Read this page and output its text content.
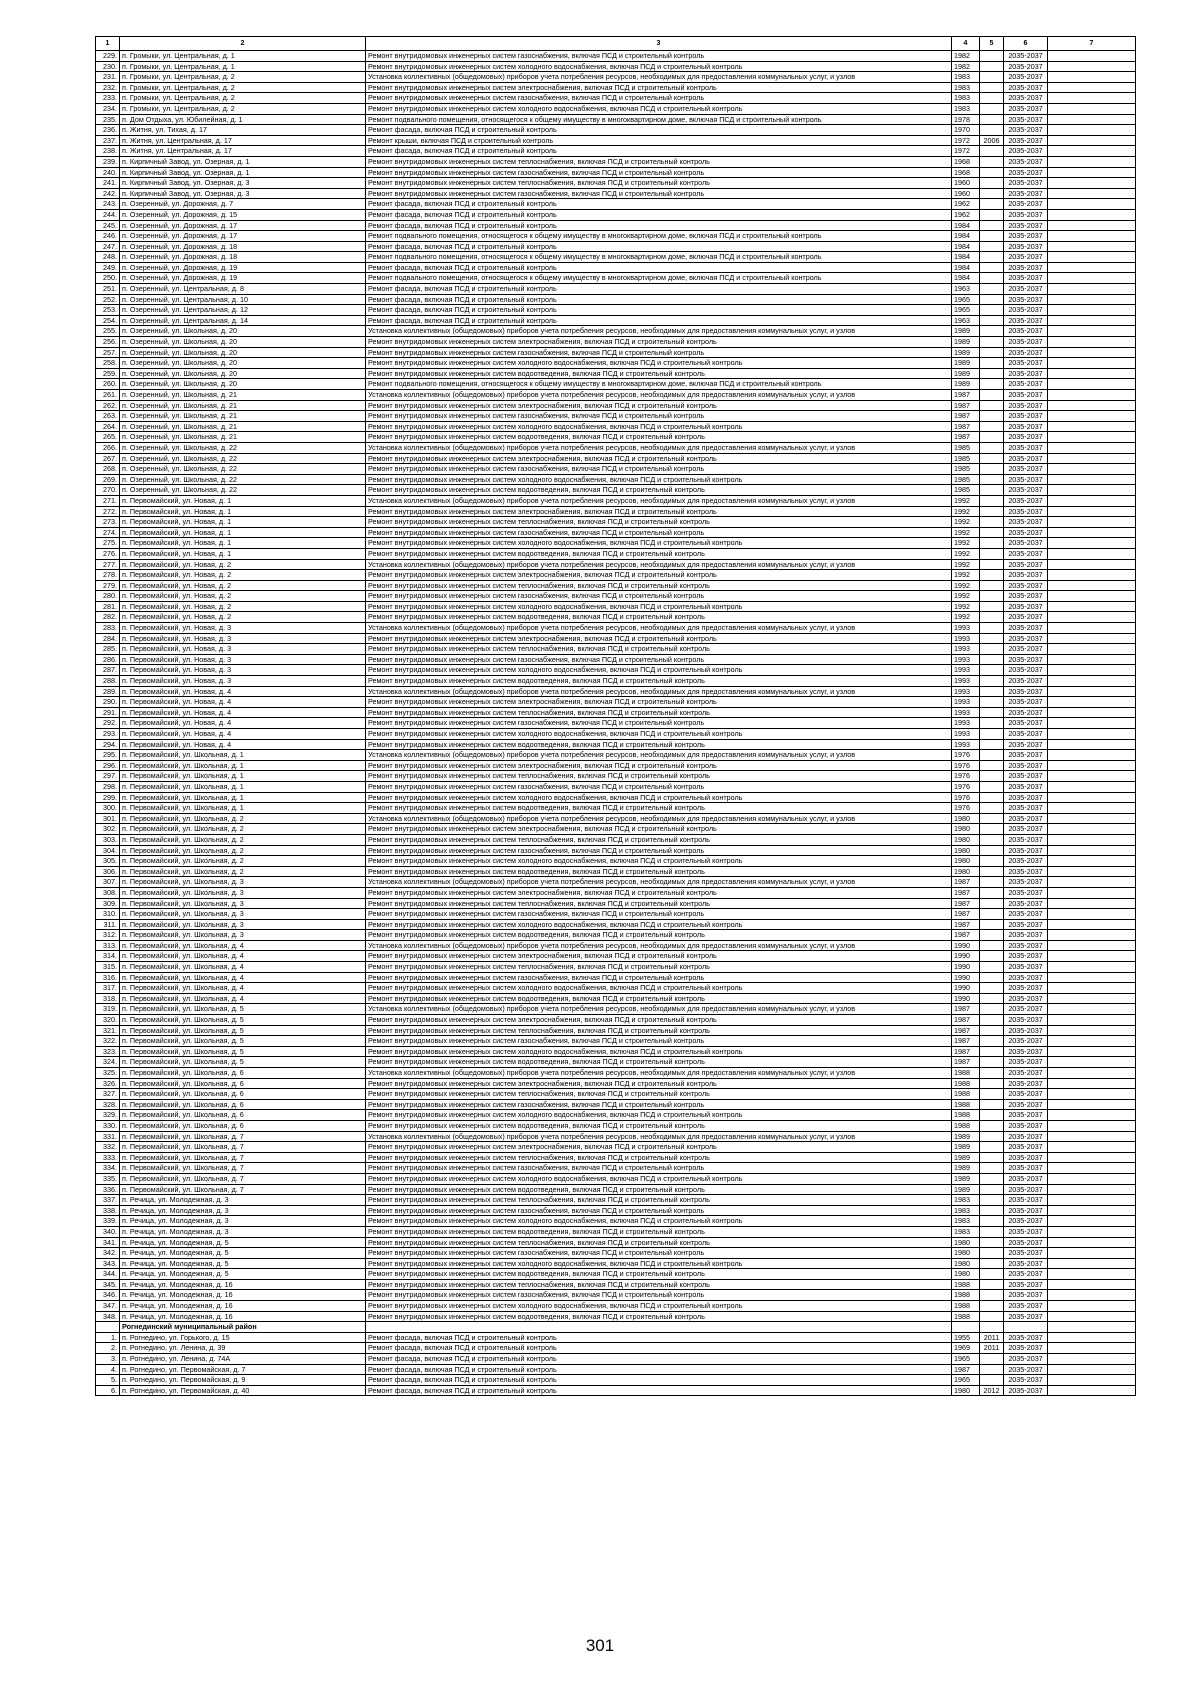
1	2	3	4	5	6	7
229.	п. Громыки, ул. Центральная, д. 1	Ремонт внутридомовых инженерных систем газоснабжения, включая ПСД и строительный контроль	1982		2035-2037	
230.	п. Громыки, ул. Центральная, д. 1	Ремонт внутридомовых инженерных систем холодного водоснабжения, включая ПСД и строительный контроль	1982		2035-2037	
231.	п. Громыки, ул. Центральная, д. 2	Установка коллективных (общедомовых) приборов учета потребления ресурсов, необходимых для предоставления коммунальных услуг, и узлов	1983		2035-2037	
232.	п. Громыки, ул. Центральная, д. 2	Ремонт внутридомовых инженерных систем электроснабжения, включая ПСД и строительный контроль	1983		2035-2037	
233.	п. Громыки, ул. Центральная, д. 2	Ремонт внутридомовых инженерных систем газоснабжения, включая ПСД и строительный контроль	1983		2035-2037	
234.	п. Громыки, ул. Центральная, д. 2	Ремонт внутридомовых инженерных систем холодного водоснабжения, включая ПСД и строительный контроль	1983		2035-2037	
235.	п. Дом Отдыха, ул. Юбилейная, д. 1	Ремонт подвального помещения, относящегося к общему имуществу в многоквартирном доме, включая ПСД и строительный контроль	1978		2035-2037	
236.	п. Житня, ул. Тихая, д. 17	Ремонт фасада, включая ПСД и строительный контроль	1970		2035-2037	
237.	п. Житня, ул. Центральная, д. 17	Ремонт крыши, включая ПСД и строительный контроль	1972	2006	2035-2037	
238.	п. Житня, ул. Центральная, д. 17	Ремонт фасада, включая ПСД и строительный контроль	1972		2035-2037	
239.	п. Кирпичный Завод, ул. Озерная, д. 1	Ремонт внутридомовых инженерных систем теплоснабжения, включая ПСД и строительный контроль	1968		2035-2037	
240.	п. Кирпичный Завод, ул. Озерная, д. 1	Ремонт внутридомовых инженерных систем газоснабжения, включая ПСД и строительный контроль	1968		2035-2037	
241.	п. Кирпичный Завод, ул. Озерная, д. 3	Ремонт внутридомовых инженерных систем теплоснабжения, включая ПСД и строительный контроль	1960		2035-2037	
242.	п. Кирпичный Завод, ул. Озерная, д. 3	Ремонт внутридомовых инженерных систем газоснабжения, включая ПСД и строительный контроль	1960		2035-2037	
243.	п. Озеренный, ул. Дорожная, д. 7	Ремонт фасада, включая ПСД и строительный контроль	1962		2035-2037	
244.	п. Озеренный, ул. Дорожная, д. 15	Ремонт фасада, включая ПСД и строительный контроль	1962		2035-2037	
245.	п. Озеренный, ул. Дорожная, д. 17	Ремонт фасада, включая ПСД и строительный контроль	1984		2035-2037	
246.	п. Озеренный, ул. Дорожная, д. 17	Ремонт подвального помещения, относящегося к общему имуществу в многоквартирном доме, включая ПСД и строительный контроль	1984		2035-2037	
247.	п. Озеренный, ул. Дорожная, д. 18	Ремонт фасада, включая ПСД и строительный контроль	1984		2035-2037	
248.	п. Озеренный, ул. Дорожная, д. 18	Ремонт подвального помещения, относящегося к общему имуществу в многоквартирном доме, включая ПСД и строительный контроль	1984		2035-2037	
249.	п. Озеренный, ул. Дорожная, д. 19	Ремонт фасада, включая ПСД и строительный контроль	1984		2035-2037	
250.	п. Озеренный, ул. Дорожная, д. 19	Ремонт подвального помещения, относящегося к общему имуществу в многоквартирном доме, включая ПСД и строительный контроль	1984		2035-2037	
251.	п. Озеренный, ул. Центральная, д. 8	Ремонт фасада, включая ПСД и строительный контроль	1963		2035-2037	
252.	п. Озеренный, ул. Центральная, д. 10	Ремонт фасада, включая ПСД и строительный контроль	1965		2035-2037	
253.	п. Озеренный, ул. Центральная, д. 12	Ремонт фасада, включая ПСД и строительный контроль	1965		2035-2037	
254.	п. Озеренный, ул. Центральная, д. 14	Ремонт фасада, включая ПСД и строительный контроль	1963		2035-2037	
255.	п. Озеренный, ул. Школьная, д. 20	Установка коллективных (общедомовых) приборов учета потребления ресурсов, необходимых для предоставления коммунальных услуг, и узлов	1989		2035-2037	
256.	п. Озеренный, ул. Школьная, д. 20	Ремонт внутридомовых инженерных систем электроснабжения, включая ПСД и строительный контроль	1989		2035-2037	
257.	п. Озеренный, ул. Школьная, д. 20	Ремонт внутридомовых инженерных систем газоснабжения, включая ПСД и строительный контроль	1989		2035-2037	
258.	п. Озеренный, ул. Школьная, д. 20	Ремонт внутридомовых инженерных систем холодного водоснабжения, включая ПСД и строительный контроль	1989		2035-2037	
259.	п. Озеренный, ул. Школьная, д. 20	Ремонт внутридомовых инженерных систем водоотведения, включая ПСД и строительный контроль	1989		2035-2037	
260.	п. Озеренный, ул. Школьная, д. 20	Ремонт подвального помещения, относящегося к общему имуществу в многоквартирном доме, включая ПСД и строительный контроль	1989		2035-2037	
261.	п. Озеренный, ул. Школьная, д. 21	Установка коллективных (общедомовых) приборов учета потребления ресурсов, необходимых для предоставления коммунальных услуг, и узлов	1987		2035-2037	
262.	п. Озеренный, ул. Школьная, д. 21	Ремонт внутридомовых инженерных систем электроснабжения, включая ПСД и строительный контроль	1987		2035-2037	
263.	п. Озеренный, ул. Школьная, д. 21	Ремонт внутридомовых инженерных систем газоснабжения, включая ПСД и строительный контроль	1987		2035-2037	
264.	п. Озеренный, ул. Школьная, д. 21	Ремонт внутридомовых инженерных систем холодного водоснабжения, включая ПСД и строительный контроль	1987		2035-2037	
265.	п. Озеренный, ул. Школьная, д. 21	Ремонт внутридомовых инженерных систем водоотведения, включая ПСД и строительный контроль	1987		2035-2037	
266.	п. Озеренный, ул. Школьная, д. 22	Установка коллективных (общедомовых) приборов учета потребления ресурсов, необходимых для предоставления коммунальных услуг, и узлов	1985		2035-2037	
267.	п. Озеренный, ул. Школьная, д. 22	Ремонт внутридомовых инженерных систем электроснабжения, включая ПСД и строительный контроль	1985		2035-2037	
268.	п. Озеренный, ул. Школьная, д. 22	Ремонт внутридомовых инженерных систем газоснабжения, включая ПСД и строительный контроль	1985		2035-2037	
269.	п. Озеренный, ул. Школьная, д. 22	Ремонт внутридомовых инженерных систем холодного водоснабжения, включая ПСД и строительный контроль	1985		2035-2037	
270.	п. Озеренный, ул. Школьная, д. 22	Ремонт внутридомовых инженерных систем водоотведения, включая ПСД и строительный контроль	1985		2035-2037	
271.	п. Первомайский, ул. Новая, д. 1	Установка коллективных (общедомовых) приборов учета потребления ресурсов, необходимых для предоставления коммунальных услуг, и узлов	1992		2035-2037	
272.	п. Первомайский, ул. Новая, д. 1	Ремонт внутридомовых инженерных систем электроснабжения, включая ПСД и строительный контроль	1992		2035-2037	
273.	п. Первомайский, ул. Новая, д. 1	Ремонт внутридомовых инженерных систем теплоснабжения, включая ПСД и строительный контроль	1992		2035-2037	
274.	п. Первомайский, ул. Новая, д. 1	Ремонт внутридомовых инженерных систем газоснабжения, включая ПСД и строительный контроль	1992		2035-2037	
275.	п. Первомайский, ул. Новая, д. 1	Ремонт внутридомовых инженерных систем холодного водоснабжения, включая ПСД и строительный контроль	1992		2035-2037	
276.	п. Первомайский, ул. Новая, д. 1	Ремонт внутридомовых инженерных систем водоотведения, включая ПСД и строительный контроль	1992		2035-2037	
277.	п. Первомайский, ул. Новая, д. 2	Установка коллективных (общедомовых) приборов учета потребления ресурсов, необходимых для предоставления коммунальных услуг, и узлов	1992		2035-2037	
278.	п. Первомайский, ул. Новая, д. 2	Ремонт внутридомовых инженерных систем электроснабжения, включая ПСД и строительный контроль	1992		2035-2037	
279.	п. Первомайский, ул. Новая, д. 2	Ремонт внутридомовых инженерных систем теплоснабжения, включая ПСД и строительный контроль	1992		2035-2037	
280.	п. Первомайский, ул. Новая, д. 2	Ремонт внутридомовых инженерных систем газоснабжения, включая ПСД и строительный контроль	1992		2035-2037	
281.	п. Первомайский, ул. Новая, д. 2	Ремонт внутридомовых инженерных систем холодного водоснабжения, включая ПСД и строительный контроль	1992		2035-2037	
282.	п. Первомайский, ул. Новая, д. 2	Ремонт внутридомовых инженерных систем водоотведения, включая ПСД и строительный контроль	1992		2035-2037	
283.	п. Первомайский, ул. Новая, д. 3	Установка коллективных (общедомовых) приборов учета потребления ресурсов, необходимых для предоставления коммунальных услуг, и узлов	1993		2035-2037	
284.	п. Первомайский, ул. Новая, д. 3	Ремонт внутридомовых инженерных систем электроснабжения, включая ПСД и строительный контроль	1993		2035-2037	
285.	п. Первомайский, ул. Новая, д. 3	Ремонт внутридомовых инженерных систем теплоснабжения, включая ПСД и строительный контроль	1993		2035-2037	
286.	п. Первомайский, ул. Новая, д. 3	Ремонт внутридомовых инженерных систем газоснабжения, включая ПСД и строительный контроль	1993		2035-2037	
287.	п. Первомайский, ул. Новая, д. 3	Ремонт внутридомовых инженерных систем холодного водоснабжения, включая ПСД и строительный контроль	1993		2035-2037	
288.	п. Первомайский, ул. Новая, д. 3	Ремонт внутридомовых инженерных систем водоотведения, включая ПСД и строительный контроль	1993		2035-2037	
289.	п. Первомайский, ул. Новая, д. 4	Установка коллективных (общедомовых) приборов учета потребления ресурсов, необходимых для предоставления коммунальных услуг, и узлов	1993		2035-2037	
290.	п. Первомайский, ул. Новая, д. 4	Ремонт внутридомовых инженерных систем электроснабжения, включая ПСД и строительный контроль	1993		2035-2037	
291.	п. Первомайский, ул. Новая, д. 4	Ремонт внутридомовых инженерных систем теплоснабжения, включая ПСД и строительный контроль	1993		2035-2037	
292.	п. Первомайский, ул. Новая, д. 4	Ремонт внутридомовых инженерных систем газоснабжения, включая ПСД и строительный контроль	1993		2035-2037	
293.	п. Первомайский, ул. Новая, д. 4	Ремонт внутридомовых инженерных систем холодного водоснабжения, включая ПСД и строительный контроль	1993		2035-2037	
294.	п. Первомайский, ул. Новая, д. 4	Ремонт внутридомовых инженерных систем водоотведения, включая ПСД и строительный контроль	1993		2035-2037	
295.	п. Первомайский, ул. Школьная, д. 1	Установка коллективных (общедомовых) приборов учета потребления ресурсов, необходимых для предоставления коммунальных услуг, и узлов	1976		2035-2037	
296.	п. Первомайский, ул. Школьная, д. 1	Ремонт внутридомовых инженерных систем электроснабжения, включая ПСД и строительный контроль	1976		2035-2037	
297.	п. Первомайский, ул. Школьная, д. 1	Ремонт внутридомовых инженерных систем теплоснабжения, включая ПСД и строительный контроль	1976		2035-2037	
298.	п. Первомайский, ул. Школьная, д. 1	Ремонт внутридомовых инженерных систем газоснабжения, включая ПСД и строительный контроль	1976		2035-2037	
299.	п. Первомайский, ул. Школьная, д. 1	Ремонт внутридомовых инженерных систем холодного водоснабжения, включая ПСД и строительный контроль	1976		2035-2037	
300.	п. Первомайский, ул. Школьная, д. 1	Ремонт внутридомовых инженерных систем водоотведения, включая ПСД и строительный контроль	1976		2035-2037	
301.	п. Первомайский, ул. Школьная, д. 2	Установка коллективных (общедомовых) приборов учета потребления ресурсов, необходимых для предоставления коммунальных услуг, и узлов	1980		2035-2037	
302.	п. Первомайский, ул. Школьная, д. 2	Ремонт внутридомовых инженерных систем электроснабжения, включая ПСД и строительный контроль	1980		2035-2037	
303.	п. Первомайский, ул. Школьная, д. 2	Ремонт внутридомовых инженерных систем теплоснабжения, включая ПСД и строительный контроль	1980		2035-2037	
304.	п. Первомайский, ул. Школьная, д. 2	Ремонт внутридомовых инженерных систем газоснабжения, включая ПСД и строительный контроль	1980		2035-2037	
305.	п. Первомайский, ул. Школьная, д. 2	Ремонт внутридомовых инженерных систем холодного водоснабжения, включая ПСД и строительный контроль	1980		2035-2037	
306.	п. Первомайский, ул. Школьная, д. 2	Ремонт внутридомовых инженерных систем водоотведения, включая ПСД и строительный контроль	1980		2035-2037	
307.	п. Первомайский, ул. Школьная, д. 3	Установка коллективных (общедомовых) приборов учета потребления ресурсов, необходимых для предоставления коммунальных услуг, и узлов	1987		2035-2037	
308.	п. Первомайский, ул. Школьная, д. 3	Ремонт внутридомовых инженерных систем электроснабжения, включая ПСД и строительный контроль	1987		2035-2037	
309.	п. Первомайский, ул. Школьная, д. 3	Ремонт внутридомовых инженерных систем теплоснабжения, включая ПСД и строительный контроль	1987		2035-2037	
310.	п. Первомайский, ул. Школьная, д. 3	Ремонт внутридомовых инженерных систем газоснабжения, включая ПСД и строительный контроль	1987		2035-2037	
311.	п. Первомайский, ул. Школьная, д. 3	Ремонт внутридомовых инженерных систем холодного водоснабжения, включая ПСД и строительный контроль	1987		2035-2037	
312.	п. Первомайский, ул. Школьная, д. 3	Ремонт внутридомовых инженерных систем водоотведения, включая ПСД и строительный контроль	1987		2035-2037	
313.	п. Первомайский, ул. Школьная, д. 4	Установка коллективных (общедомовых) приборов учета потребления ресурсов, необходимых для предоставления коммунальных услуг, и узлов	1990		2035-2037	
314.	п. Первомайский, ул. Школьная, д. 4	Ремонт внутридомовых инженерных систем электроснабжения, включая ПСД и строительный контроль	1990		2035-2037	
315.	п. Первомайский, ул. Школьная, д. 4	Ремонт внутридомовых инженерных систем теплоснабжения, включая ПСД и строительный контроль	1990		2035-2037	
316.	п. Первомайский, ул. Школьная, д. 4	Ремонт внутридомовых инженерных систем газоснабжения, включая ПСД и строительный контроль	1990		2035-2037	
317.	п. Первомайский, ул. Школьная, д. 4	Ремонт внутридомовых инженерных систем холодного водоснабжения, включая ПСД и строительный контроль	1990		2035-2037	
318.	п. Первомайский, ул. Школьная, д. 4	Ремонт внутридомовых инженерных систем водоотведения, включая ПСД и строительный контроль	1990		2035-2037	
319.	п. Первомайский, ул. Школьная, д. 5	Установка коллективных (общедомовых) приборов учета потребления ресурсов, необходимых для предоставления коммунальных услуг, и узлов	1987		2035-2037	
320.	п. Первомайский, ул. Школьная, д. 5	Ремонт внутридомовых инженерных систем электроснабжения, включая ПСД и строительный контроль	1987		2035-2037	
321.	п. Первомайский, ул. Школьная, д. 5	Ремонт внутридомовых инженерных систем теплоснабжения, включая ПСД и строительный контроль	1987		2035-2037	
322.	п. Первомайский, ул. Школьная, д. 5	Ремонт внутридомовых инженерных систем газоснабжения, включая ПСД и строительный контроль	1987		2035-2037	
323.	п. Первомайский, ул. Школьная, д. 5	Ремонт внутридомовых инженерных систем холодного водоснабжения, включая ПСД и строительный контроль	1987		2035-2037	
324.	п. Первомайский, ул. Школьная, д. 5	Ремонт внутридомовых инженерных систем водоотведения, включая ПСД и строительный контроль	1987		2035-2037	
325.	п. Первомайский, ул. Школьная, д. 6	Установка коллективных (общедомовых) приборов учета потребления ресурсов, необходимых для предоставления коммунальных услуг, и узлов	1988		2035-2037	
326.	п. Первомайский, ул. Школьная, д. 6	Ремонт внутридомовых инженерных систем электроснабжения, включая ПСД и строительный контроль	1988		2035-2037	
327.	п. Первомайский, ул. Школьная, д. 6	Ремонт внутридомовых инженерных систем теплоснабжения, включая ПСД и строительный контроль	1988		2035-2037	
328.	п. Первомайский, ул. Школьная, д. 6	Ремонт внутридомовых инженерных систем газоснабжения, включая ПСД и строительный контроль	1988		2035-2037	
329.	п. Первомайский, ул. Школьная, д. 6	Ремонт внутридомовых инженерных систем холодного водоснабжения, включая ПСД и строительный контроль	1988		2035-2037	
330.	п. Первомайский, ул. Школьная, д. 6	Ремонт внутридомовых инженерных систем водоотведения, включая ПСД и строительный контроль	1988		2035-2037	
331.	п. Первомайский, ул. Школьная, д. 7	Установка коллективных (общедомовых) приборов учета потребления ресурсов, необходимых для предоставления коммунальных услуг, и узлов	1989		2035-2037	
332.	п. Первомайский, ул. Школьная, д. 7	Ремонт внутридомовых инженерных систем электроснабжения, включая ПСД и строительный контроль	1989		2035-2037	
333.	п. Первомайский, ул. Школьная, д. 7	Ремонт внутридомовых инженерных систем теплоснабжения, включая ПСД и строительный контроль	1989		2035-2037	
334.	п. Первомайский, ул. Школьная, д. 7	Ремонт внутридомовых инженерных систем газоснабжения, включая ПСД и строительный контроль	1989		2035-2037	
335.	п. Первомайский, ул. Школьная, д. 7	Ремонт внутридомовых инженерных систем холодного водоснабжения, включая ПСД и строительный контроль	1989		2035-2037	
336.	п. Первомайский, ул. Школьная, д. 7	Ремонт внутридомовых инженерных систем водоотведения, включая ПСД и строительный контроль	1989		2035-2037	
337.	п. Речица, ул. Молодежная, д. 3	Ремонт внутридомовых инженерных систем теплоснабжения, включая ПСД и строительный контроль	1983		2035-2037	
338.	п. Речица, ул. Молодежная, д. 3	Ремонт внутридомовых инженерных систем газоснабжения, включая ПСД и строительный контроль	1983		2035-2037	
339.	п. Речица, ул. Молодежная, д. 3	Ремонт внутридомовых инженерных систем холодного водоснабжения, включая ПСД и строительный контроль	1983		2035-2037	
340.	п. Речица, ул. Молодежная, д. 3	Ремонт внутридомовых инженерных систем водоотведения, включая ПСД и строительный контроль	1983		2035-2037	
341.	п. Речица, ул. Молодежная, д. 5	Ремонт внутридомовых инженерных систем теплоснабжения, включая ПСД и строительный контроль	1980		2035-2037	
342.	п. Речица, ул. Молодежная, д. 5	Ремонт внутридомовых инженерных систем газоснабжения, включая ПСД и строительный контроль	1980		2035-2037	
343.	п. Речица, ул. Молодежная, д. 5	Ремонт внутридомовых инженерных систем холодного водоснабжения, включая ПСД и строительный контроль	1980		2035-2037	
344.	п. Речица, ул. Молодежная, д. 5	Ремонт внутридомовых инженерных систем водоотведения, включая ПСД и строительный контроль	1980		2035-2037	
345.	п. Речица, ул. Молодежная, д. 16	Ремонт внутридомовых инженерных систем теплоснабжения, включая ПСД и строительный контроль	1988		2035-2037	
346.	п. Речица, ул. Молодежная, д. 16	Ремонт внутридомовых инженерных систем газоснабжения, включая ПСД и строительный контроль	1988		2035-2037	
347.	п. Речица, ул. Молодежная, д. 16	Ремонт внутридомовых инженерных систем холодного водоснабжения, включая ПСД и строительный контроль	1988		2035-2037	
348.	п. Речица, ул. Молодежная, д. 16	Ремонт внутридомовых инженерных систем водоотведения, включая ПСД и строительный контроль	1988		2035-2037	
	Рогнединский муниципальный район					
1.	п. Рогнедино, ул. Горького, д. 15	Ремонт фасада, включая ПСД и строительный контроль	1955	2011	2035-2037	
2.	п. Рогнедино, ул. Ленина, д. 39	Ремонт фасада, включая ПСД и строительный контроль	1969	2011	2035-2037	
3.	п. Рогнедино, ул. Ленина, д. 74А	Ремонт фасада, включая ПСД и строительный контроль	1965		2035-2037	
4.	п. Рогнедино, ул. Первомайская, д. 7	Ремонт фасада, включая ПСД и строительный контроль	1987		2035-2037	
5.	п. Рогнедино, ул. Первомайская, д. 9	Ремонт фасада, включая ПСД и строительный контроль	1965		2035-2037	
6.	п. Рогнедино, ул. Первомайская, д. 40	Ремонт фасада, включая ПСД и строительный контроль	1980	2012	2035-2037	
301
